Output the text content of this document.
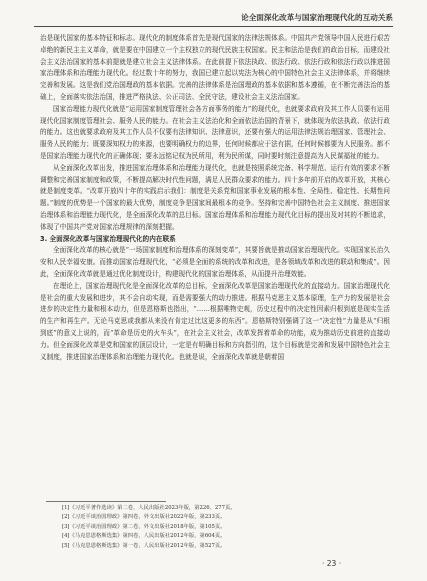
论全面深化改革与国家治理现代化的互动关系

治是现代国家的基本特征和标志。现代化的制度体系首先是现代国家的法律法规体系。中国共产党领导中国人民进行艰苦卓绝的新民主主义革命，就是要在中国建立一个主权独立的现代民族主权国家。民主和法治是我们的政治目标，而建设社会主义法治国家的基本前提就是建立社会主义法律体系。在此前提下依法执政、依法行政、依法行政和依法行政以推进国家治理体系和治理能力现代化。经过数十年的努力，我国已建立起以宪法为核心的中国特色社会主义法律体系，并将继续完善和发展。这是我们党治国理政的基本依据。完善的法律体系是治国理政的基本依据和基本遵循，在不断完善法治的基础上，全面落实依法治国，推进严格执法、公正司法、全民守法，建设社会主义法治国家。

国家治理能力现代化就是“运用国家制度管理社会各方面事务的能力”的现代化，也就要求政府及其工作人员要有运用现代化国家制度管理社会、服务人民的能力。在社会主义法治化和全面依法治国的背景下，就体现为依法执政、依法行政的能力。这也就要求政府及其工作人员不仅要有法律知识、法律意识，还要有强大的运用法律法规治理国家、管理社会、服务人民的能力；既要深知权力的来源，也要明确权力的边界，任何时候都应于法有据，任何时候都要为人民服务。都不是国家治理能力现代化的正确体现；要永远铭记权为民所用，利为民所谋，同时要时刻注意提高为人民谋福祉的能力。

从全面深化改革出发，推进国家治理体系和治理能力现代化，也就是按照系统完备、科学规范、运行有效的要求不断调整和完善国家制度和政策，不断提高解决时代性问题，满足人民群众要求的能力。四十多年前开启的改革开放，其核心就是制度变革。“改革开放四十年的实践启示我们：制度是关系党和国家事业发展的根本性、全局性、稳定性、长期性问题。”制度的优势是一个国家的最大优势，制度竞争是国家间最根本的竞争。坚持和完善中国特色社会主义制度、推进国家治理体系和治理能力现代化，是全面深化改革的总目标。国家治理体系和治理能力现代化目标的提出及对其的不断追求，体现了中国共产党对国家治理规律的深刻把握。

3. 全面深化改革与国家治理现代化的内在联系

全面深化改革的核心就是“一场国家制度和治理体系的深刻变革”，其要旨就是推动国家治理现代化。实现国家长治久安和人民幸福安康。而推动国家治理现代化，“必须是全面的系统的改革和改进，是各领域改革和改进的联动和集成”。因此，全面深化改革就是通过优化制度设计，构建现代化的国家治理体系，从而提升治理效能。

在理论上，国家治理现代化是全面深化改革的总目标，全面深化改革是国家治理现代化的直接动力。国家治理现代化是社会的重大发展和进步，其不会自动实现，而是需要强大的动力推进。根据马克思主义基本原理，生产力的发展是社会进步的决定性力量和根本动力，但是恩格斯也指出，“……根据唯物史观，历史过程中的决定性因素归根到底是现实生活的生产和再生产。无论马克思或我都从来没有肯定过比这更多的东西”。恩格斯特别强调了这一“决定性”力量是从“归根到底”的意义上说的，而“革命是历史的火车头”，在社会主义社会，改革发挥着革命的功能，成为推动历史前进的直接动力。但全面深化改革是党和国家的顶层设计，一定是有明确目标和方向指引的，这个目标就是完善和发展中国特色社会主义制度，推进国家治理体系和治理能力现代化。也就是说，全面深化改革就是朝着国

[1]《习近平著作选读》第二卷，人民出版社2023年版，第226、277页。
[2]《习近平谈治国理政》第四卷，外文出版社2022年版，第233页。
[3]《习近平谈治国理政》第二卷，外文出版社2018年版，第105页。
[4]《马克思恩格斯选集》第四卷，人民出版社2012年版，第604页。
[5]《马克思恩格斯选集》第一卷，人民出版社2012年版，第527页。
· 23 ·
